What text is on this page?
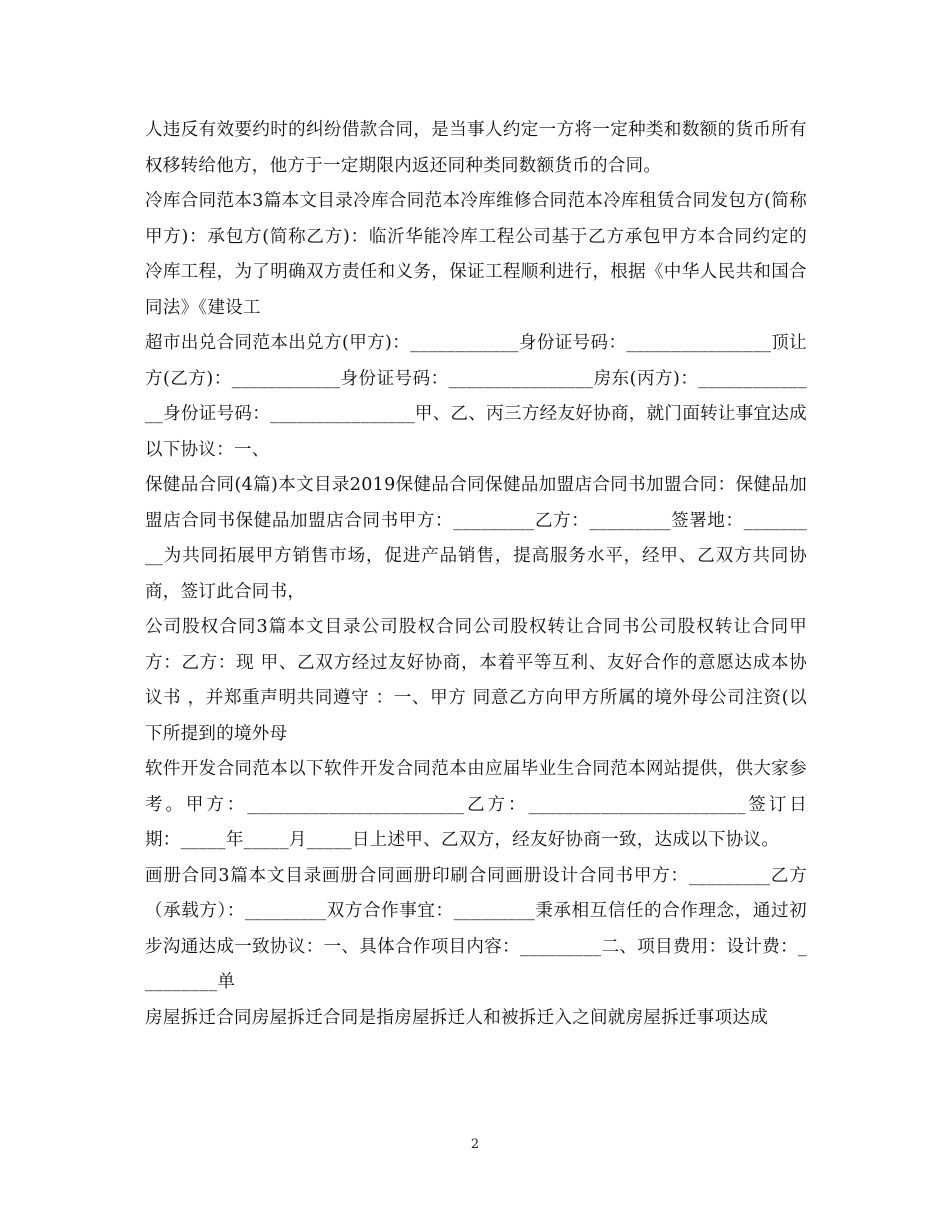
人违反有效要约时的纠纷借款合同，是当事人约定一方将一定种类和数额的货币所有权移转给他方，他方于一定期限内返还同种类同数额货币的合同。

冷库合同范本3篇本文目录冷库合同范本冷库维修合同范本冷库租赁合同发包方(简称甲方)：承包方(简称乙方)：临沂华能冷库工程公司基于乙方承包甲方本合同约定的冷库工程，为了明确双方责任和义务，保证工程顺利进行，根据《中华人民共和国合同法》《建设工

超市出兑合同范本出兑方(甲方)：____________身份证号码：________________顶让方(乙方)：____________身份证号码：________________房东(丙方)：______________身份证号码：________________甲、乙、丙三方经友好协商，就门面转让事宜达成以下协议：一、

保健品合同(4篇)本文目录2019保健品合同保健品加盟店合同书加盟合同：保健品加盟店合同书保健品加盟店合同书甲方：_________乙方：_________签署地：_________为共同拓展甲方销售市场，促进产品销售，提高服务水平，经甲、乙双方共同协商，签订此合同书，

公司股权合同3篇本文目录公司股权合同公司股权转让合同书公司股权转让合同甲方：乙方：现 甲、乙双方经过友好协商，本着平等互利、友好合作的意愿达成本协议书 ，并郑重声明共同遵守 ：一、甲方 同意乙方向甲方所属的境外母公司注资(以下所提到的境外母

软件开发合同范本以下软件开发合同范本由应届毕业生合同范本网站提供，供大家参考。甲方：________________________乙方：________________________签订日期：_____年_____月_____日上述甲、乙双方，经友好协商一致，达成以下协议。

画册合同3篇本文目录画册合同画册印刷合同画册设计合同书甲方：_________乙方（承载方）：_________双方合作事宜：_________秉承相互信任的合作理念，通过初步沟通达成一致协议：一、具体合作项目内容：_________二、项目费用：设计费：_________单

房屋拆迁合同房屋拆迁合同是指房屋拆迁人和被拆迁入之间就房屋拆迁事项达成

2
